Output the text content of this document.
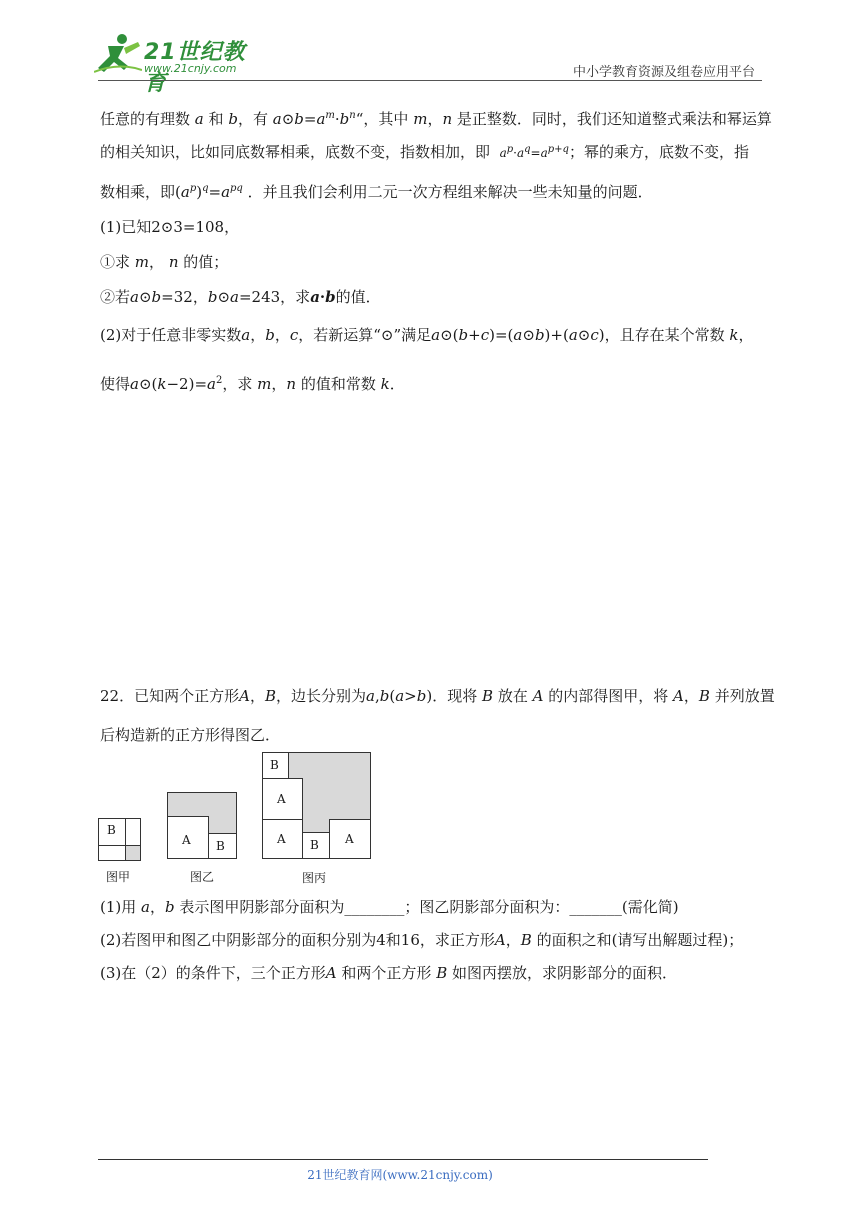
21世纪教育
www.21cnjy.com	中小学教育资源及组卷应用平台
任意的有理数 a 和 b，有 $a⊙b=a^m\cdot b^n“$，其中 m，n 是正整数．同时，我们还知道整式乘法和幂运算
的相关知识，比如同底数幂相乘，底数不变，指数相加，即 $a^p\cdot a^q=a^{p+q}$；幂的乘方，底数不变，指
数相乘，即$(a^p)^q=a^{pq}$ ．并且我们会利用二元一次方程组来解决一些未知量的问题．
(1)已知2⊙3=108，
①求 m， n 的值；
②若a⊙b=32，b⊙a=243，求a·b的值．
(2)对于任意非零实数a，b，c，若新运算“⊙”满足a⊙(b+c)=(a⊙b)+(a⊙c)，且存在某个常数 k，
使得$a⊙(k-2)=a^2$，求 m，n 的值和常数 k．
22．已知两个正方形A，B，边长分别为a,b(a>b)．现将 B 放在 A 的内部得图甲，将 A，B 并列放置
后构造新的正方形得图乙．
B
图甲
A B
图乙
B
A
A B A
图丙
(1)用 a，b 表示图甲阴影部分面积为________；图乙阴影部分面积为：_______(需化简)
(2)若图甲和图乙中阴影部分的面积分别为4和16，求正方形A，B 的面积之和(请写出解题过程)；
(3)在（2）的条件下，三个正方形A 和两个正方形 B 如图丙摆放，求阴影部分的面积．
21世纪教育网(www.21cnjy.com)
